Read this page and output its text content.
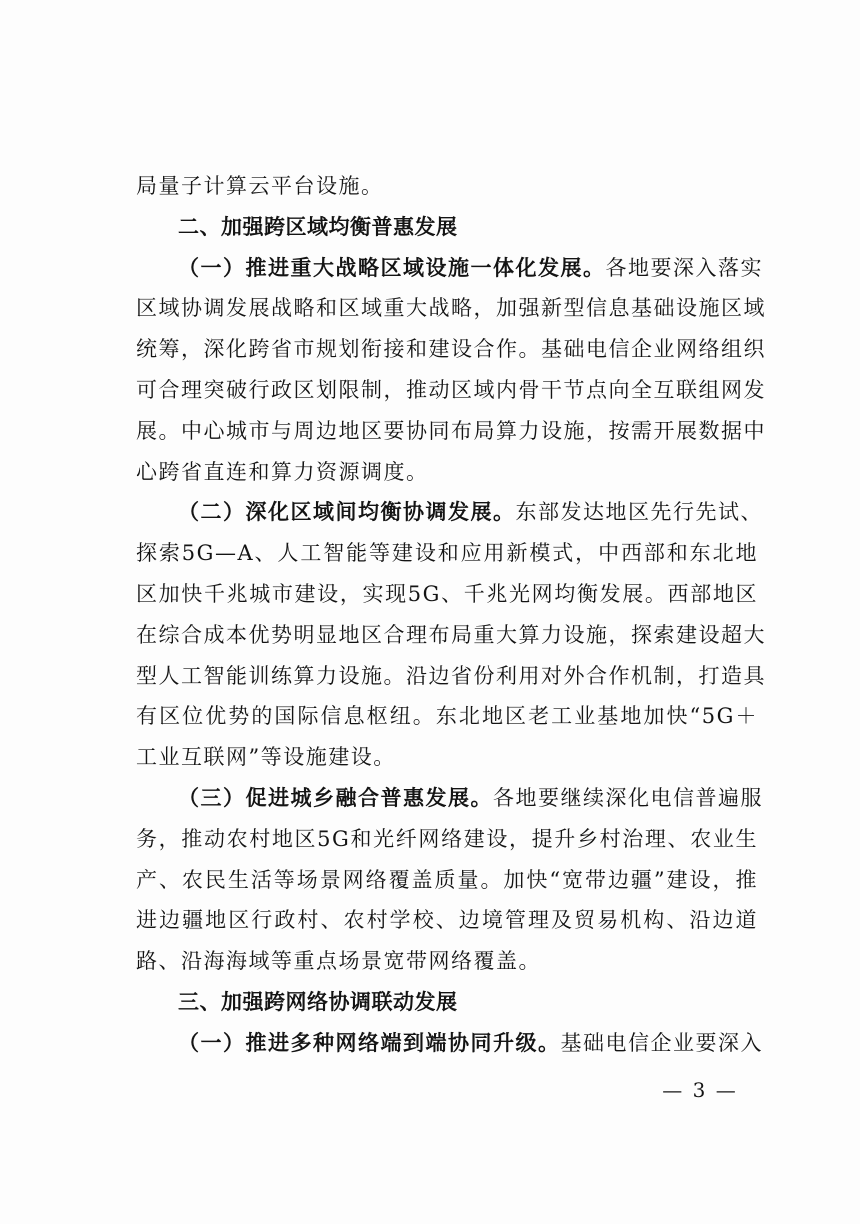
局量子计算云平台设施。
二、加强跨区域均衡普惠发展
（一）推进重大战略区域设施一体化发展。各地要深入落实
区域协调发展战略和区域重大战略，加强新型信息基础设施区域
统筹，深化跨省市规划衔接和建设合作。基础电信企业网络组织
可合理突破行政区划限制，推动区域内骨干节点向全互联组网发
展。中心城市与周边地区要协同布局算力设施，按需开展数据中
心跨省直连和算力资源调度。
（二）深化区域间均衡协调发展。东部发达地区先行先试、
探索5G—A、人工智能等建设和应用新模式，中西部和东北地
区加快千兆城市建设，实现5G、千兆光网均衡发展。西部地区
在综合成本优势明显地区合理布局重大算力设施，探索建设超大
型人工智能训练算力设施。沿边省份利用对外合作机制，打造具
有区位优势的国际信息枢纽。东北地区老工业基地加快“5G＋
工业互联网”等设施建设。
（三）促进城乡融合普惠发展。各地要继续深化电信普遍服
务，推动农村地区5G和光纤网络建设，提升乡村治理、农业生
产、农民生活等场景网络覆盖质量。加快“宽带边疆”建设，推
进边疆地区行政村、农村学校、边境管理及贸易机构、沿边道
路、沿海海域等重点场景宽带网络覆盖。
三、加强跨网络协调联动发展
（一）推进多种网络端到端协同升级。基础电信企业要深入
— 3 —
